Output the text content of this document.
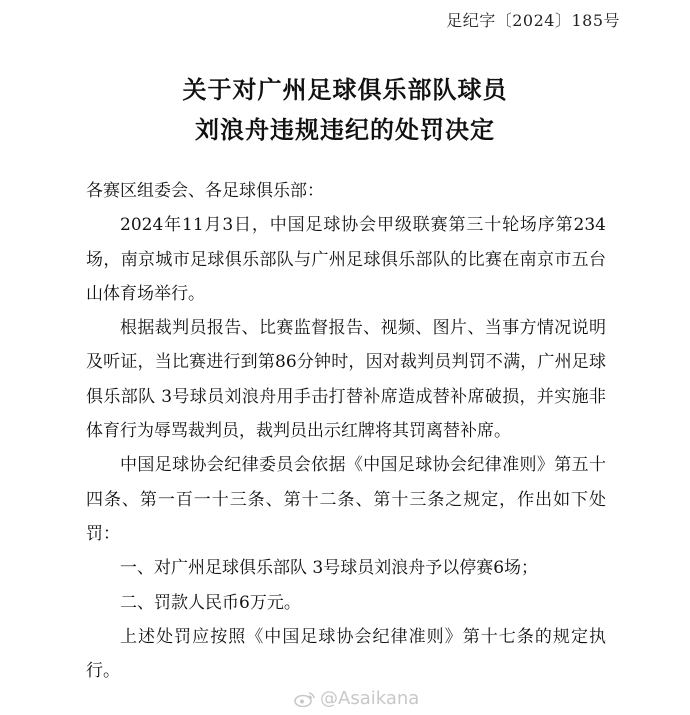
足纪字〔2024〕185号
关于对广州足球俱乐部队球员
刘浪舟违规违纪的处罚决定

各赛区组委会、各足球俱乐部：

2024年11月3日，中国足球协会甲级联赛第三十轮场序第234场，南京城市足球俱乐部队与广州足球俱乐部队的比赛在南京市五台山体育场举行。

根据裁判员报告、比赛监督报告、视频、图片、当事方情况说明及听证，当比赛进行到第86分钟时，因对裁判员判罚不满，广州足球俱乐部队 3号球员刘浪舟用手击打替补席造成替补席破损，并实施非体育行为辱骂裁判员，裁判员出示红牌将其罚离替补席。

中国足球协会纪律委员会依据《中国足球协会纪律准则》第五十四条、第一百一十三条、第十二条、第十三条之规定，作出如下处罚：

一、对广州足球俱乐部队 3号球员刘浪舟予以停赛6场；

二、罚款人民币6万元。

上述处罚应按照《中国足球协会纪律准则》第十七条的规定执行。

@Asaikana
